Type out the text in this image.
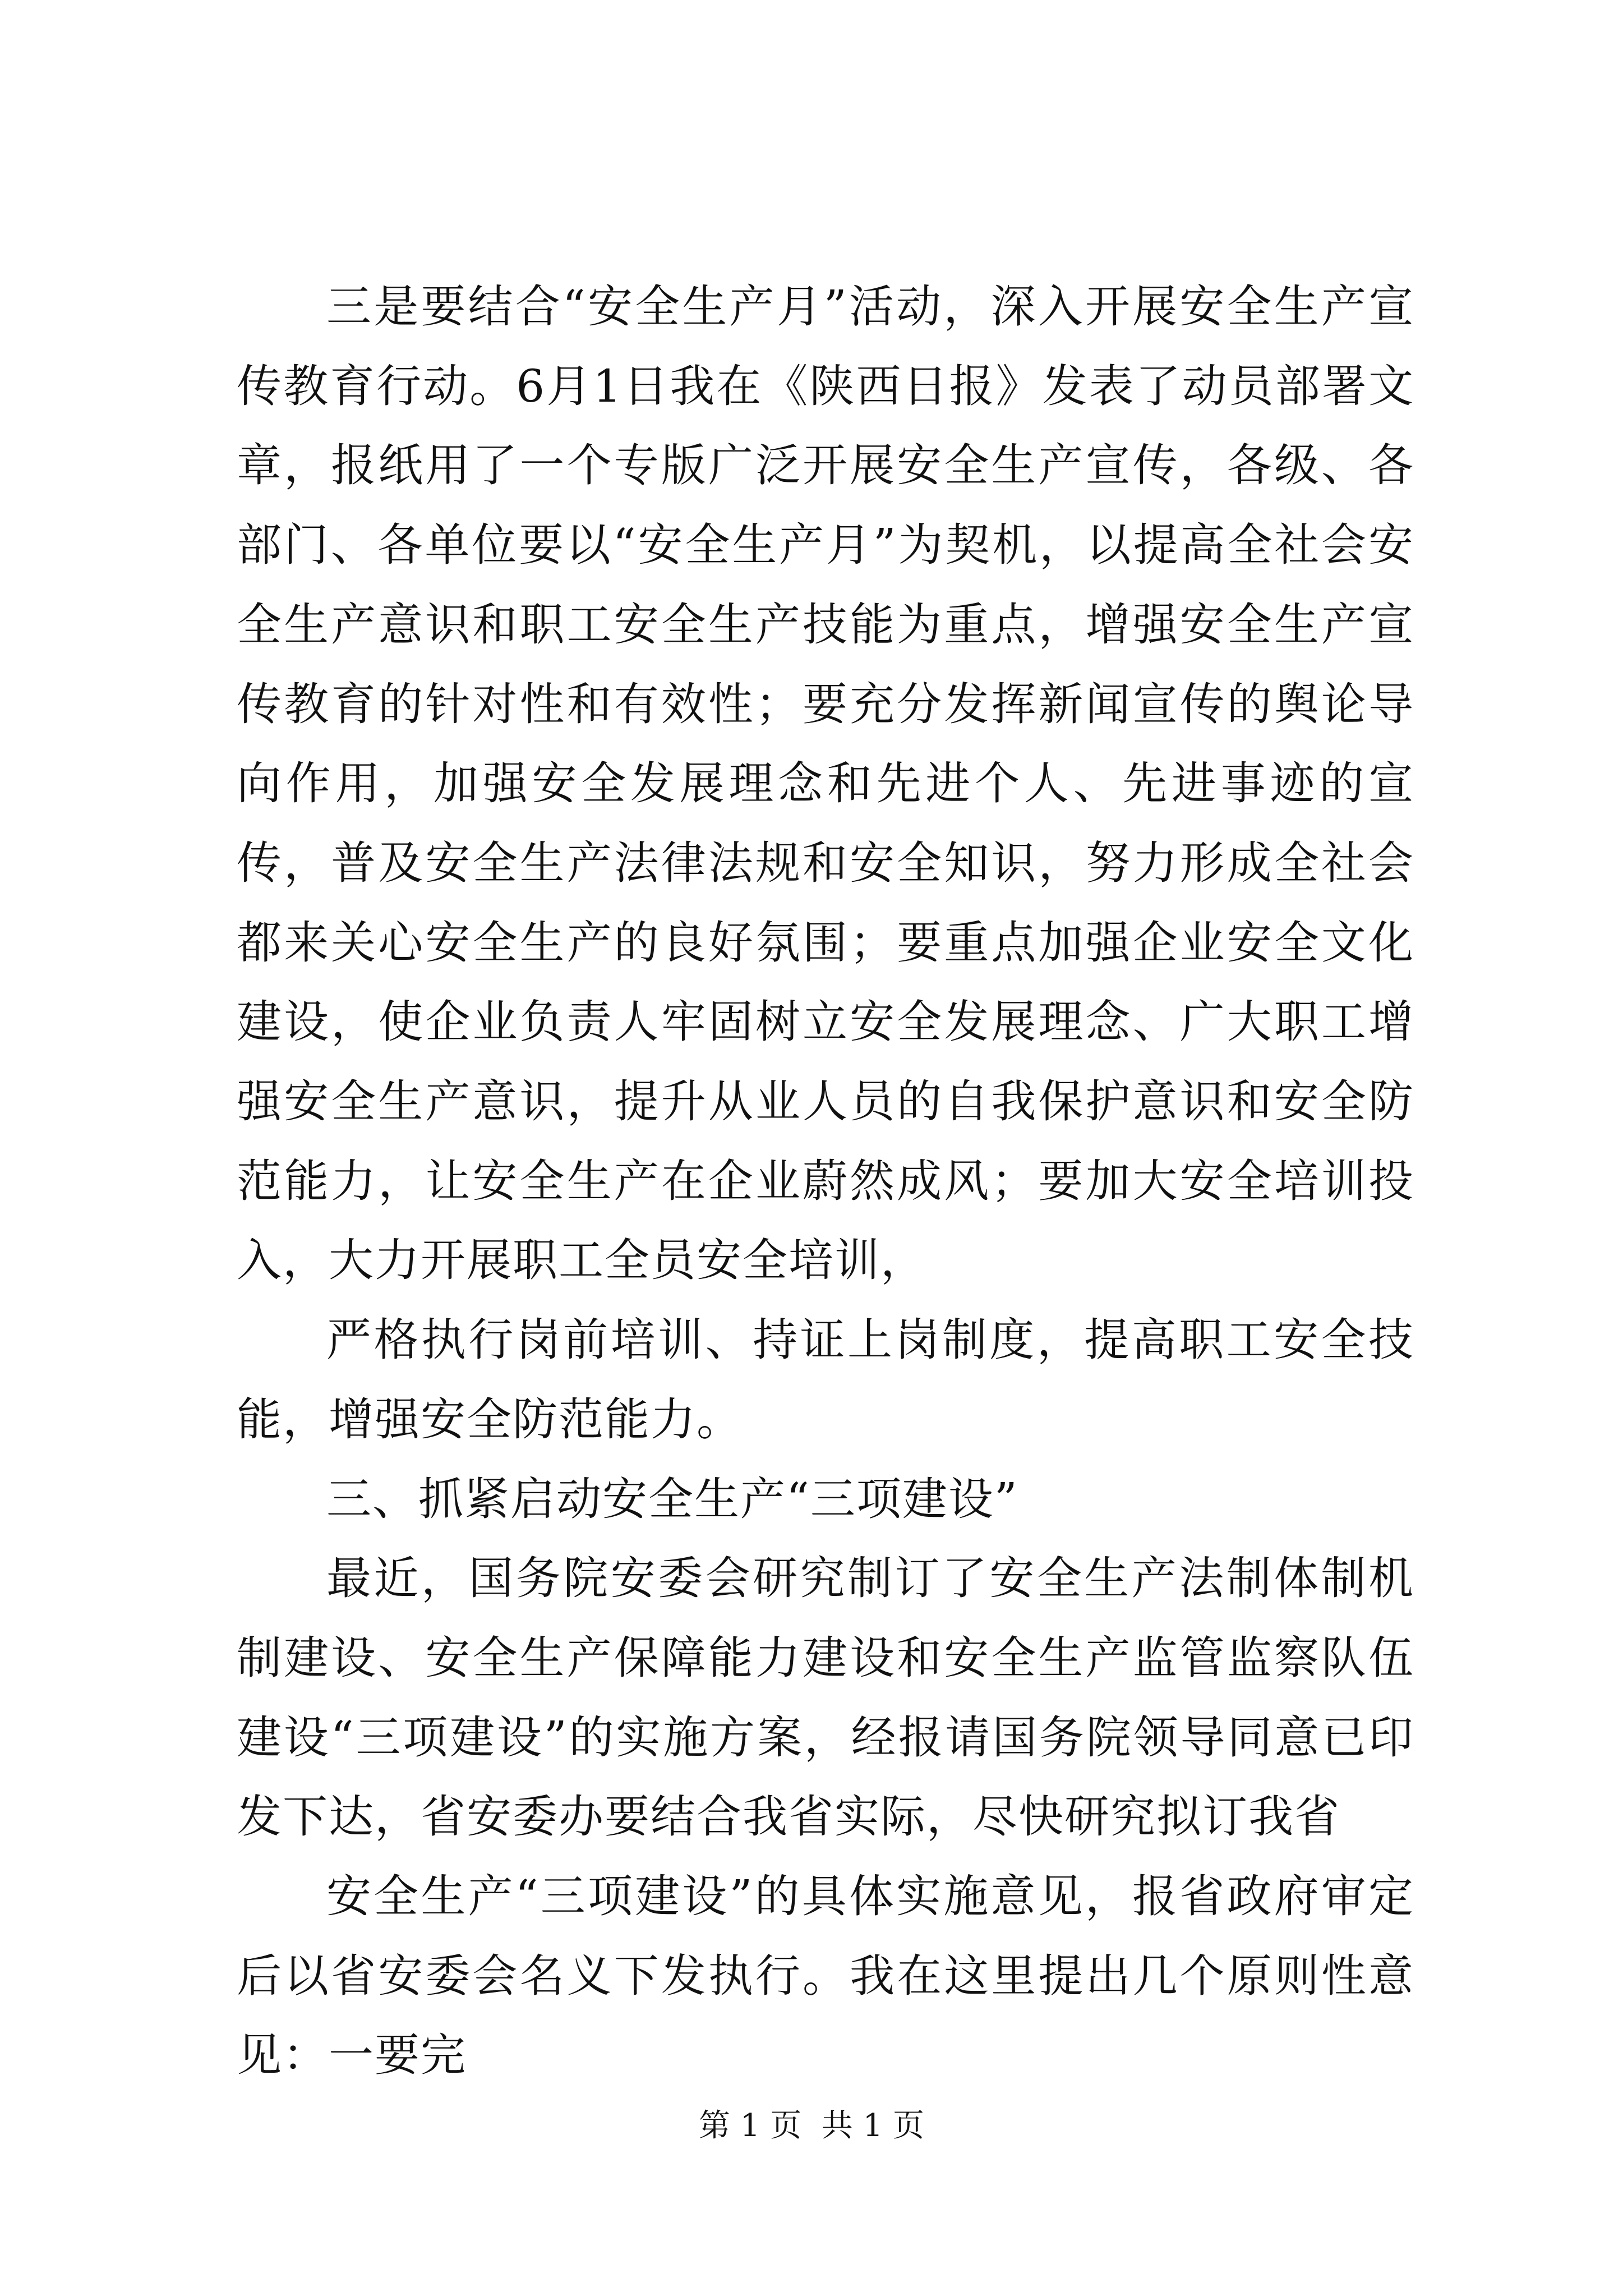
三是要结合“安全生产月”活动，深入开展安全生产宣传教育行动。6月1日我在《陕西日报》发表了动员部署文章，报纸用了一个专版广泛开展安全生产宣传，各级、各部门、各单位要以“安全生产月”为契机，以提高全社会安全生产意识和职工安全生产技能为重点，增强安全生产宣传教育的针对性和有效性；要充分发挥新闻宣传的舆论导向作用，加强安全发展理念和先进个人、先进事迹的宣传，普及安全生产法律法规和安全知识，努力形成全社会都来关心安全生产的良好氛围；要重点加强企业安全文化建设，使企业负责人牢固树立安全发展理念、广大职工增强安全生产意识，提升从业人员的自我保护意识和安全防范能力，让安全生产在企业蔚然成风；要加大安全培训投入，大力开展职工全员安全培训，

严格执行岗前培训、持证上岗制度，提高职工安全技能，增强安全防范能力。

三、抓紧启动安全生产“三项建设”

最近，国务院安委会研究制订了安全生产法制体制机制建设、安全生产保障能力建设和安全生产监管监察队伍建设“三项建设”的实施方案，经报请国务院领导同意已印发下达，省安委办要结合我省实际，尽快研究拟订我省

安全生产“三项建设”的具体实施意见，报省政府审定后以省安委会名义下发执行。我在这里提出几个原则性意见：一要完

第 1 页  共 1 页
